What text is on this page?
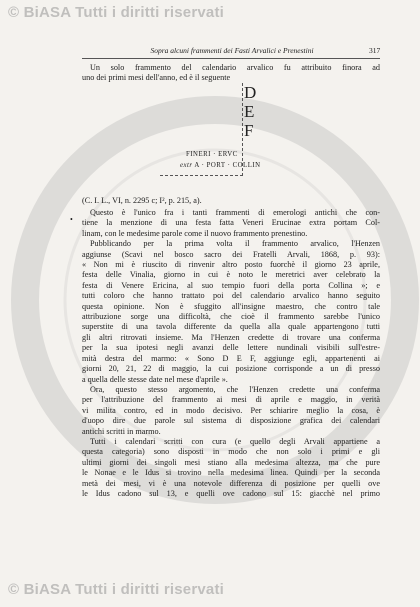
© BiASA Tutti i diritti riservati
© BiASA Tutti i diritti riservati
Sopra alcuni frammenti dei Fasti Arvalici e Prenestini	317
Un solo frammento del calendario arvalico fu attribuito finora ad
uno dei primi mesi dell'anno, ed è il seguente
D
E
F
FINERI · ERVC
extr A · PORT · COLLIN
(C. I. L., VI, n. 2295 c; I², p. 215, a).
•
Questo è l'unico fra i tanti frammenti di emerologi antichi che con-
tiene la menzione di una festa fatta Veneri Erucinae extra portam Col-
linam, con le medesime parole come il nuovo frammento prenestino.
Pubblicando per la prima volta il frammento arvalico, l'Henzen
aggiunse (Scavi nel bosco sacro dei Fratelli Arvali, 1868, p. 93):
« Non mi è riuscito di rinvenir altro posto fuorchè il giorno 23 aprile,
festa delle Vinalia, giorno in cui è noto le meretrici aver celebrato la
festa di Venere Ericina, al suo tempio fuori della porta Collina »; e
tutti coloro che hanno trattato poi del calendario arvalico hanno seguito
questa opinione. Non è sfuggito all'insigne maestro, che contro tale
attribuzione sorge una difficoltà, che cioè il frammento sarebbe l'unico
superstite di una tavola differente da quella alla quale appartengono tutti
gli altri ritrovati insieme. Ma l'Henzen credette di trovare una conferma
per la sua ipotesi negli avanzi delle lettere nundinali visibili sull'estre-
mità destra del marmo: « Sono D E F, aggiunge egli, appartenenti ai
giorni 20, 21, 22 di maggio, la cui posizione corrisponde a un di presso
a quella delle stesse date nel mese d'aprile ».
Ora, questo stesso argomento, che l'Henzen credette una conferma
per l'attribuzione del frammento ai mesi di aprile e maggio, in verità
vi milita contro, ed in modo decisivo. Per schiarire meglio la cosa, è
d'uopo dire due parole sul sistema di disposizione grafica dei calendari
antichi scritti in marmo.
Tutti i calendari scritti con cura (e quello degli Arvali appartiene a
questa categoria) sono disposti in modo che non solo i primi e gli
ultimi giorni dei singoli mesi stiano alla medesima altezza, ma che pure
le Nonae e le Idus si trovino nella medesima linea. Quindi per la seconda
metà dei mesi, vi è una notevole differenza di posizione per quelli ove
le Idus cadono sul 13, e quelli ove cadono sul 15: giacchè nel primo
